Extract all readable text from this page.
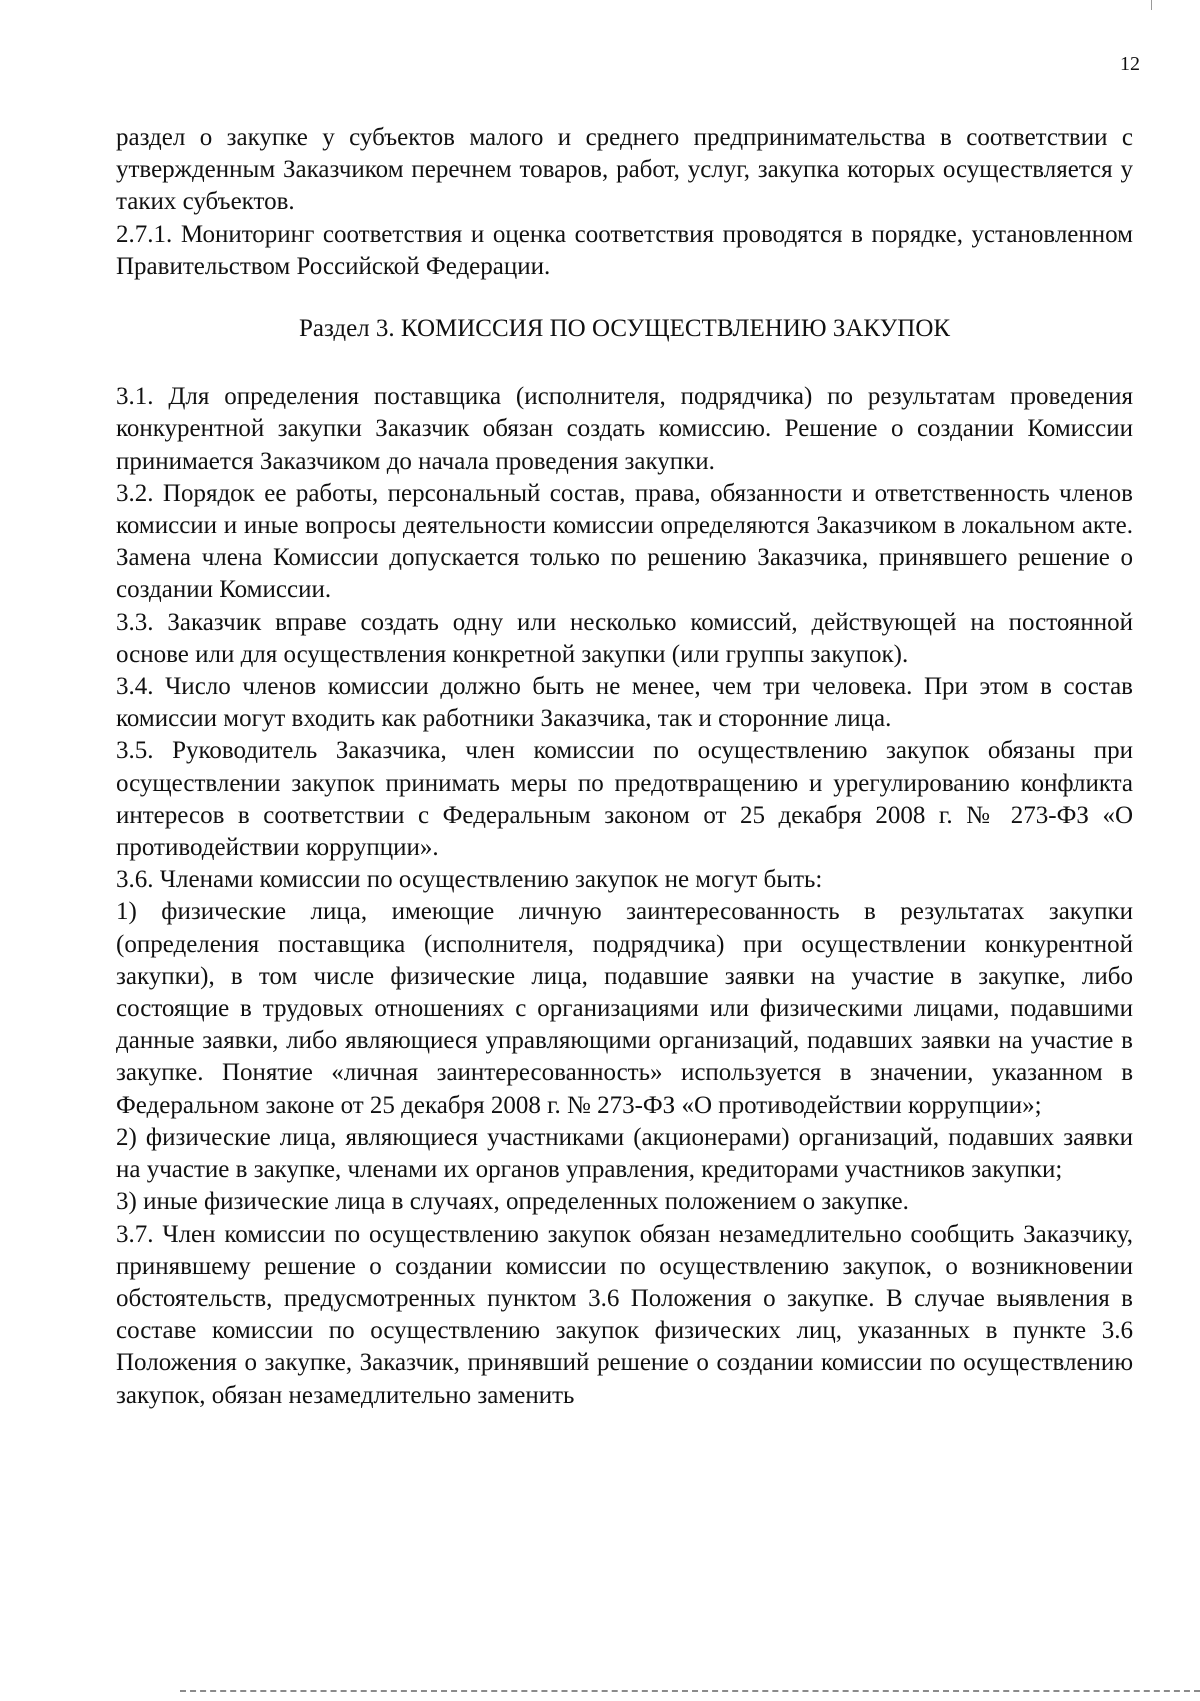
12

раздел о закупке у субъектов малого и среднего предпринимательства в соответствии с утвержденным Заказчиком перечнем товаров, работ, услуг, закупка которых осуществляется у таких субъектов.

2.7.1. Мониторинг соответствия и оценка соответствия проводятся в порядке, установленном Правительством Российской Федерации.

Раздел 3. КОМИССИЯ ПО ОСУЩЕСТВЛЕНИЮ ЗАКУПОК

3.1. Для определения поставщика (исполнителя, подрядчика) по результатам проведения конкурентной закупки Заказчик обязан создать комиссию. Решение о создании Комиссии принимается Заказчиком до начала проведения закупки.

3.2. Порядок ее работы, персональный состав, права, обязанности и ответственность членов комиссии и иные вопросы деятельности комиссии определяются Заказчиком в локальном акте. Замена члена Комиссии допускается только по решению Заказчика, принявшего решение о создании Комиссии.

3.3. Заказчик вправе создать одну или несколько комиссий, действующей на постоянной основе или для осуществления конкретной закупки (или группы закупок).

3.4. Число членов комиссии должно быть не менее, чем три человека. При этом в состав комиссии могут входить как работники Заказчика, так и сторонние лица.

3.5. Руководитель Заказчика, член комиссии по осуществлению закупок обязаны при осуществлении закупок принимать меры по предотвращению и урегулированию конфликта интересов в соответствии с Федеральным законом от 25 декабря 2008 г. № 273-ФЗ «О противодействии коррупции».

3.6. Членами комиссии по осуществлению закупок не могут быть:

1) физические лица, имеющие личную заинтересованность в результатах закупки (определения поставщика (исполнителя, подрядчика) при осуществлении конкурентной закупки), в том числе физические лица, подавшие заявки на участие в закупке, либо состоящие в трудовых отношениях с организациями или физическими лицами, подавшими данные заявки, либо являющиеся управляющими организаций, подавших заявки на участие в закупке. Понятие «личная заинтересованность» используется в значении, указанном в Федеральном законе от 25 декабря 2008 г. № 273-ФЗ «О противодействии коррупции»;

2) физические лица, являющиеся участниками (акционерами) организаций, подавших заявки на участие в закупке, членами их органов управления, кредиторами участников закупки;

3) иные физические лица в случаях, определенных положением о закупке.

3.7. Член комиссии по осуществлению закупок обязан незамедлительно сообщить Заказчику, принявшему решение о создании комиссии по осуществлению закупок, о возникновении обстоятельств, предусмотренных пунктом 3.6 Положения о закупке. В случае выявления в составе комиссии по осуществлению закупок физических лиц, указанных в пункте 3.6 Положения о закупке, Заказчик, принявший решение о создании комиссии по осуществлению закупок, обязан незамедлительно заменить
